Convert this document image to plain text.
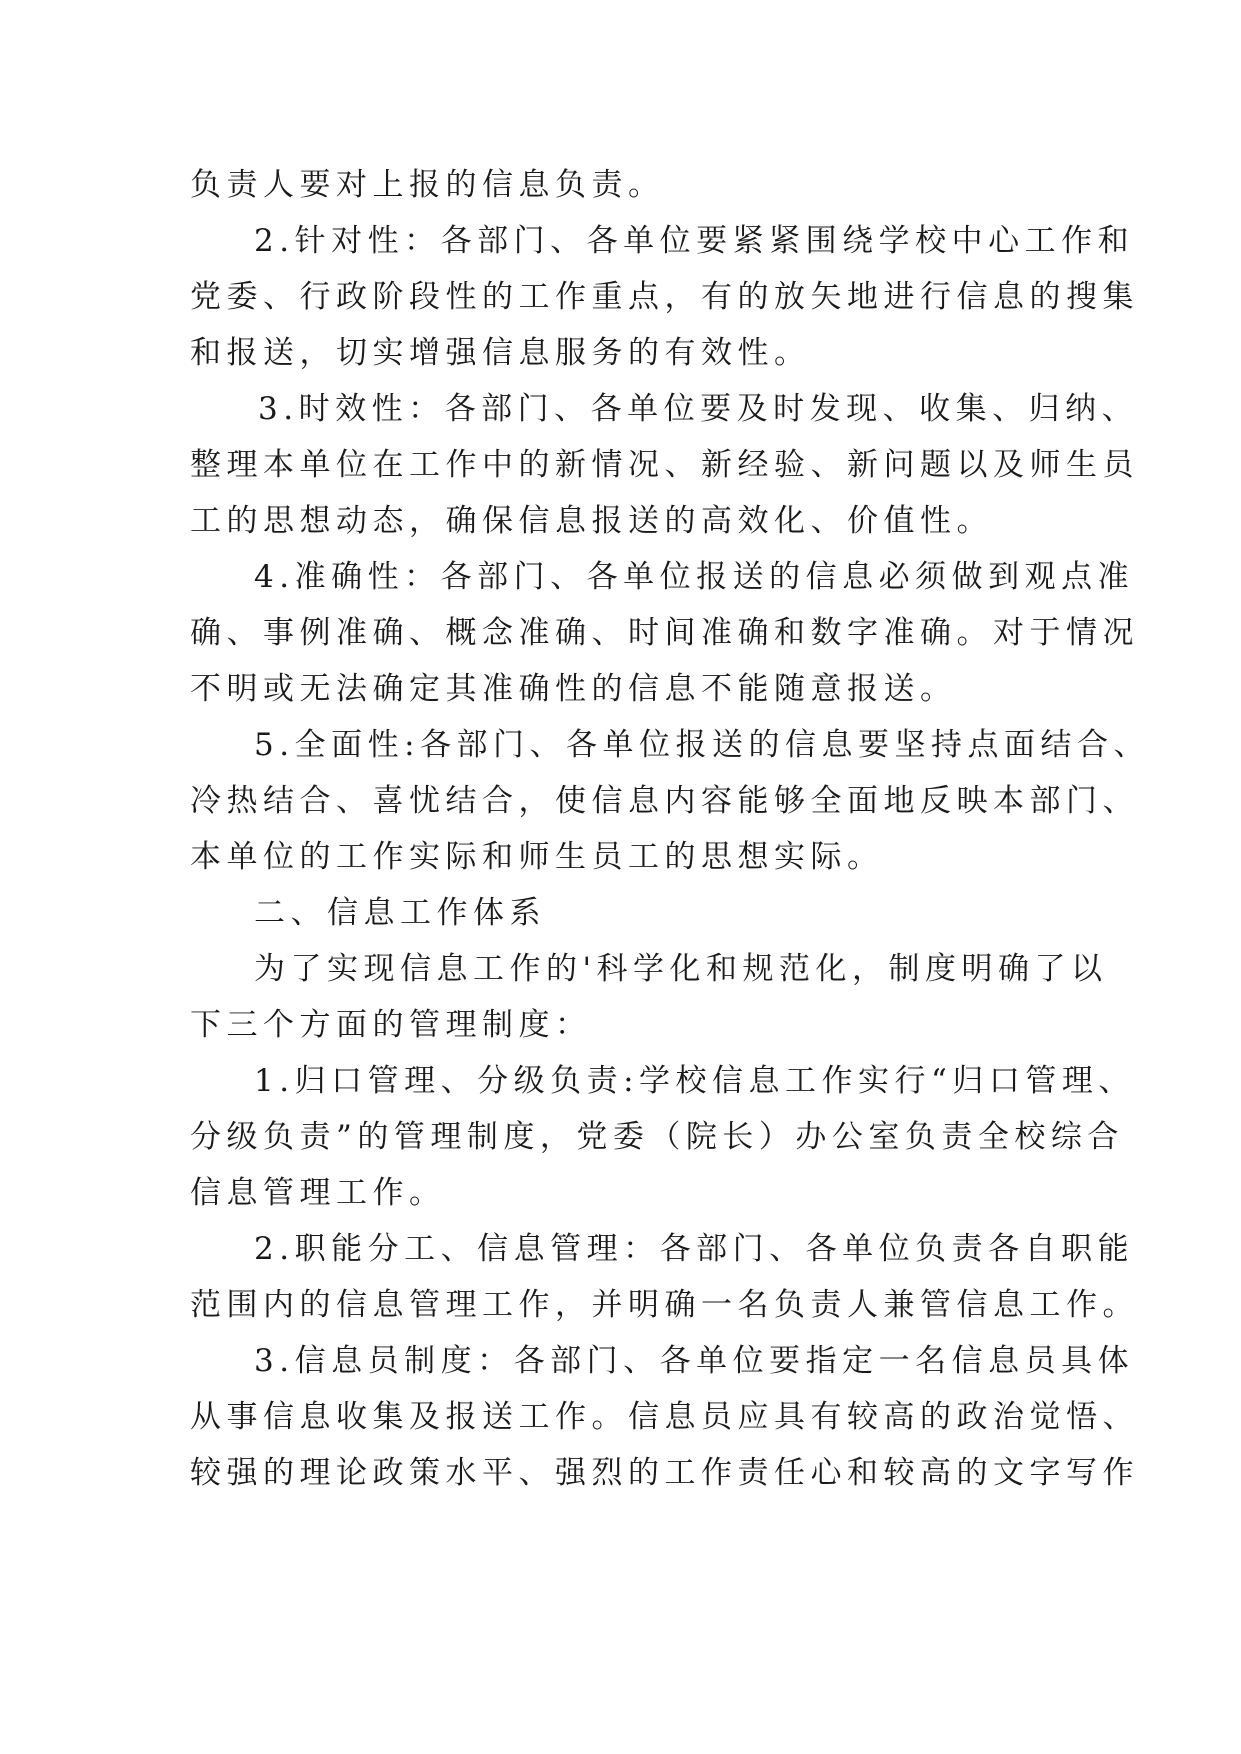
负责人要对上报的信息负责。
2.针对性：各部门、各单位要紧紧围绕学校中心工作和
党委、行政阶段性的工作重点，有的放矢地进行信息的搜集
和报送，切实增强信息服务的有效性。
3.时效性：各部门、各单位要及时发现、收集、归纳、
整理本单位在工作中的新情况、新经验、新问题以及师生员
工的思想动态，确保信息报送的高效化、价值性。
4.准确性：各部门、各单位报送的信息必须做到观点准
确、事例准确、概念准确、时间准确和数字准确。对于情况
不明或无法确定其准确性的信息不能随意报送。
5.全面性:各部门、各单位报送的信息要坚持点面结合、
冷热结合、喜忧结合，使信息内容能够全面地反映本部门、
本单位的工作实际和师生员工的思想实际。
二、信息工作体系
为了实现信息工作的'科学化和规范化，制度明确了以
下三个方面的管理制度：
1.归口管理、分级负责:学校信息工作实行“归口管理、
分级负责”的管理制度，党委（院长）办公室负责全校综合
信息管理工作。
2.职能分工、信息管理：各部门、各单位负责各自职能
范围内的信息管理工作，并明确一名负责人兼管信息工作。
3.信息员制度：各部门、各单位要指定一名信息员具体
从事信息收集及报送工作。信息员应具有较高的政治觉悟、
较强的理论政策水平、强烈的工作责任心和较高的文字写作
